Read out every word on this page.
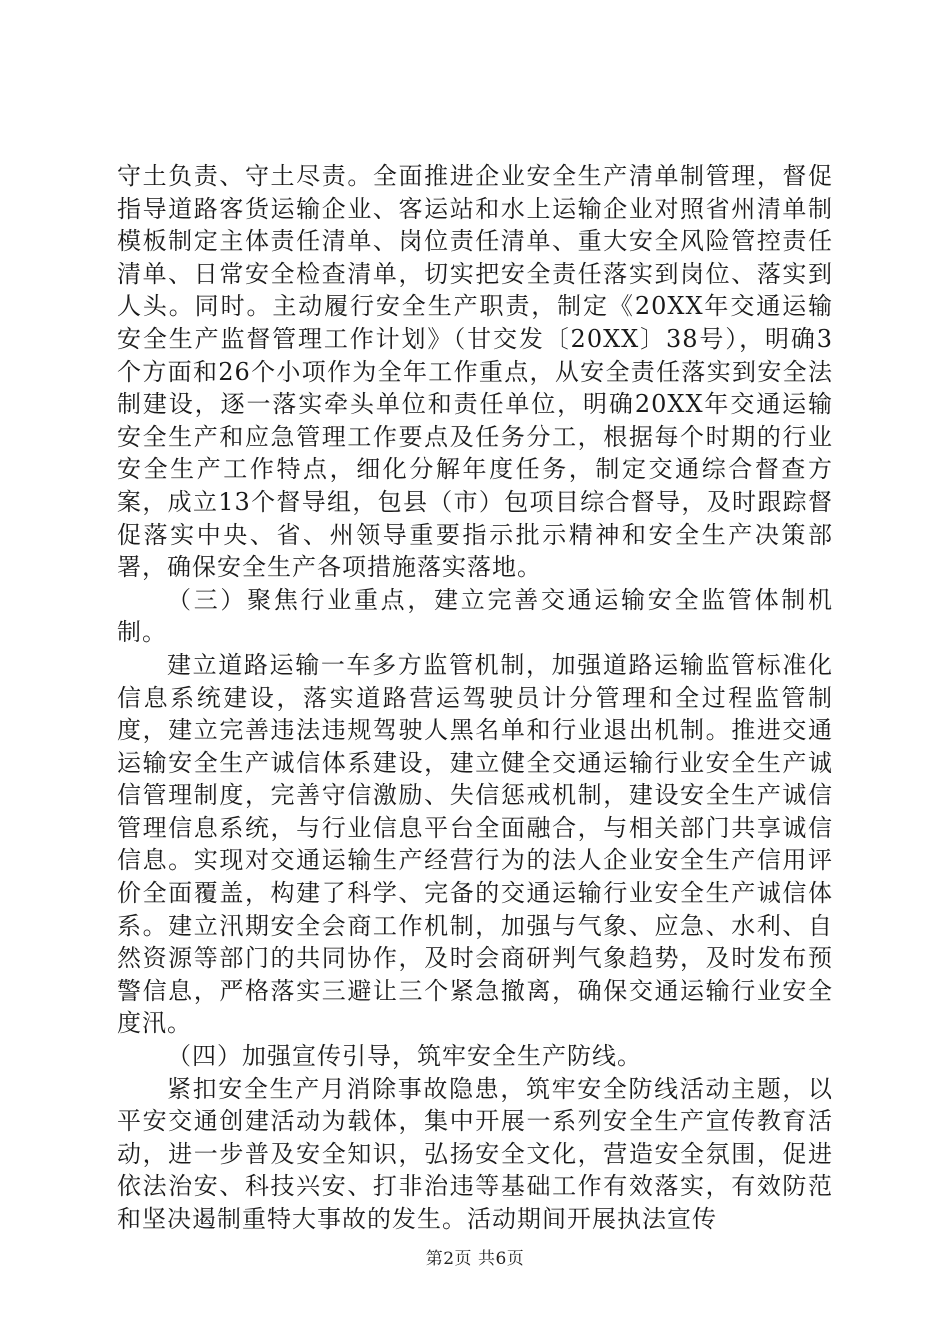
守土负责、守土尽责。全面推进企业安全生产清单制管理，督促指导道路客货运输企业、客运站和水上运输企业对照省州清单制模板制定主体责任清单、岗位责任清单、重大安全风险管控责任清单、日常安全检查清单，切实把安全责任落实到岗位、落实到人头。同时。主动履行安全生产职责，制定《20XX年交通运输安全生产监督管理工作计划》（甘交发〔20XX〕38号），明确3个方面和26个小项作为全年工作重点，从安全责任落实到安全法制建设，逐一落实牵头单位和责任单位，明确20XX年交通运输安全生产和应急管理工作要点及任务分工，根据每个时期的行业安全生产工作特点，细化分解年度任务，制定交通综合督查方案，成立13个督导组，包县（市）包项目综合督导，及时跟踪督促落实中央、省、州领导重要指示批示精神和安全生产决策部署，确保安全生产各项措施落实落地。

（三）聚焦行业重点，建立完善交通运输安全监管体制机制。

建立道路运输一车多方监管机制，加强道路运输监管标准化信息系统建设，落实道路营运驾驶员计分管理和全过程监管制度，建立完善违法违规驾驶人黑名单和行业退出机制。推进交通运输安全生产诚信体系建设，建立健全交通运输行业安全生产诚信管理制度，完善守信激励、失信惩戒机制，建设安全生产诚信管理信息系统，与行业信息平台全面融合，与相关部门共享诚信信息。实现对交通运输生产经营行为的法人企业安全生产信用评价全面覆盖，构建了科学、完备的交通运输行业安全生产诚信体系。建立汛期安全会商工作机制，加强与气象、应急、水利、自然资源等部门的共同协作，及时会商研判气象趋势，及时发布预警信息，严格落实三避让三个紧急撤离，确保交通运输行业安全度汛。

（四）加强宣传引导，筑牢安全生产防线。

紧扣安全生产月消除事故隐患，筑牢安全防线活动主题，以平安交通创建活动为载体，集中开展一系列安全生产宣传教育活动，进一步普及安全知识，弘扬安全文化，营造安全氛围，促进依法治安、科技兴安、打非治违等基础工作有效落实，有效防范和坚决遏制重特大事故的发生。活动期间开展执法宣传

第2页 共6页
